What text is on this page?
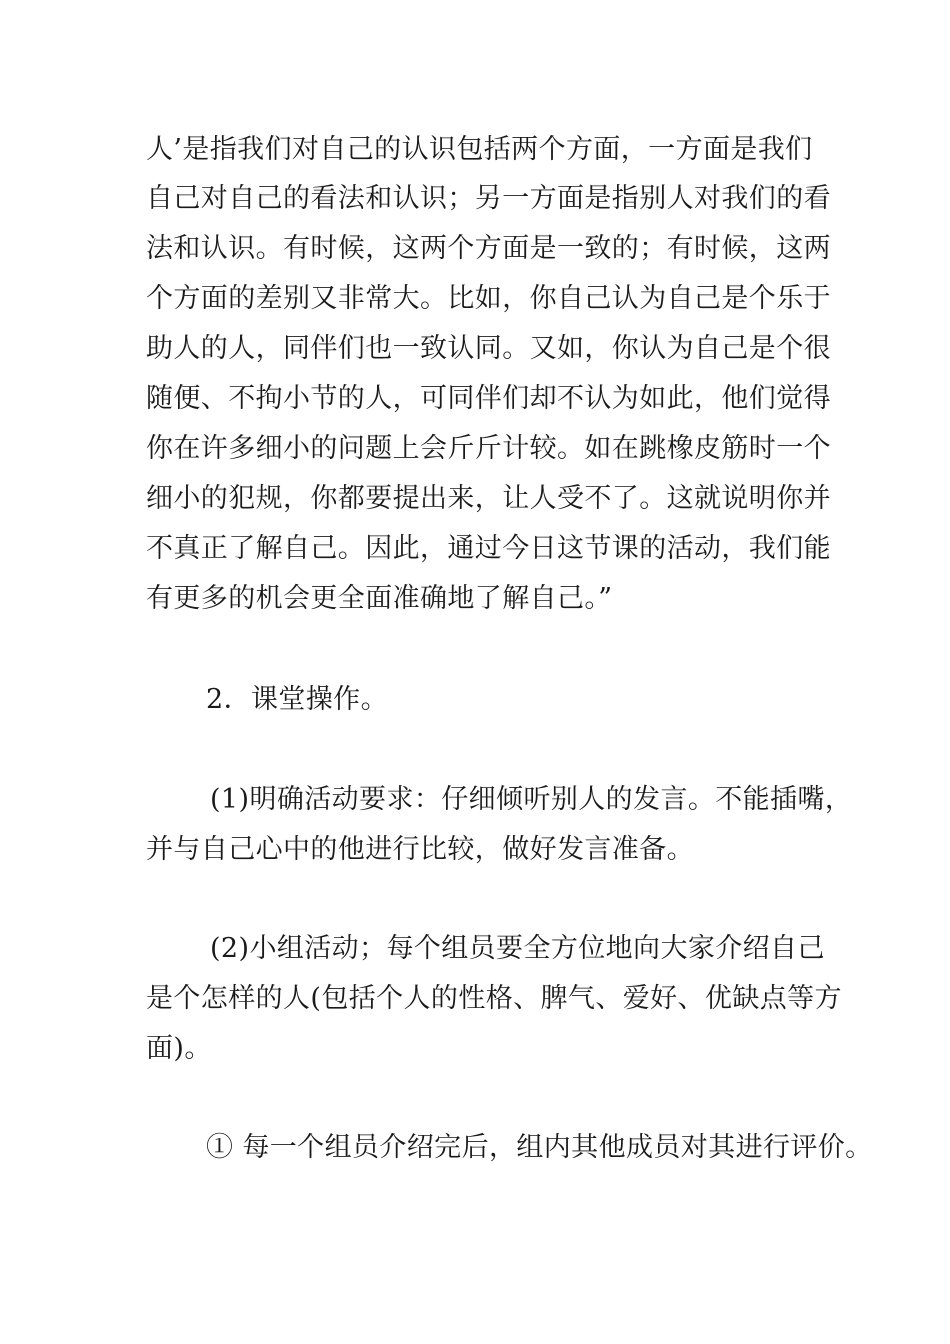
人’是指我们对自己的认识包括两个方面，一方面是我们
自己对自己的看法和认识；另一方面是指别人对我们的看
法和认识。有时候，这两个方面是一致的；有时候，这两
个方面的差别又非常大。比如，你自己认为自己是个乐于
助人的人，同伴们也一致认同。又如，你认为自己是个很
随便、不拘小节的人，可同伴们却不认为如此，他们觉得
你在许多细小的问题上会斤斤计较。如在跳橡皮筋时一个
细小的犯规，你都要提出来，让人受不了。这就说明你并
不真正了解自己。因此，通过今日这节课的活动，我们能
有更多的机会更全面准确地了解自己。”
2．课堂操作。
(1)明确活动要求：仔细倾听别人的发言。不能插嘴，
并与自己心中的他进行比较，做好发言准备。
(2)小组活动；每个组员要全方位地向大家介绍自己
是个怎样的人(包括个人的性格、脾气、爱好、优缺点等方
面)。
① 每一个组员介绍完后，组内其他成员对其进行评价。
